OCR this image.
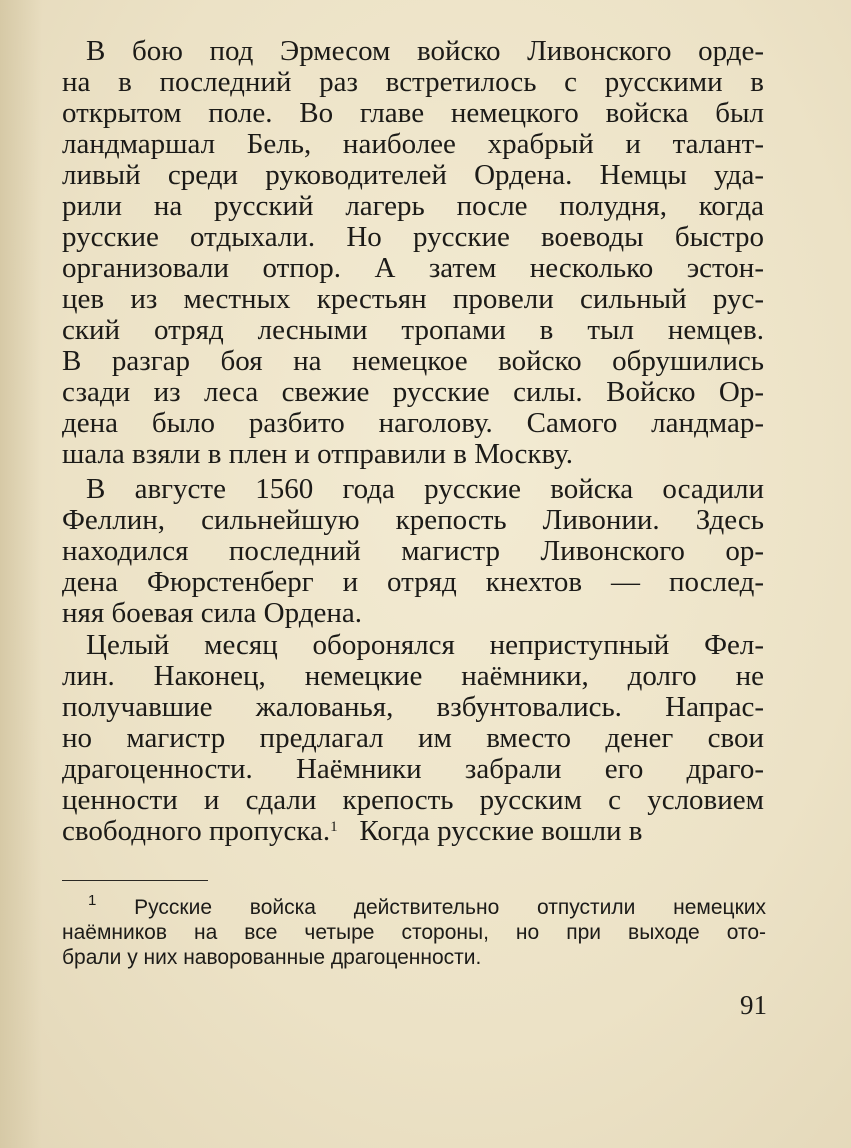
В бою под Эрмесом войско Ливонского орде-

на в последний раз встретилось с русскими в

открытом поле. Во главе немецкого войска был

ландмаршал Бель, наиболее храбрый и талант-

ливый среди руководителей Ордена. Немцы уда-

рили на русский лагерь после полудня, когда

русские отдыхали. Но русские воеводы быстро

организовали отпор. А затем несколько эстон-

цев из местных крестьян провели сильный рус-

ский отряд лесными тропами в тыл немцев.

В разгар боя на немецкое войско обрушились

сзади из леса свежие русские силы. Войско Ор-

дена было разбито наголову. Самого ландмар-

шала взяли в плен и отправили в Москву.

В августе 1560 года русские войска осадили

Феллин, сильнейшую крепость Ливонии. Здесь

находился последний магистр Ливонского ор-

дена Фюрстенберг и отряд кнехтов — послед-

няя боевая сила Ордена.

Целый месяц оборонялся неприступный Фел-

лин. Наконец, немецкие наёмники, долго не

получавшие жалованья, взбунтовались. Напрас-

но магистр предлагал им вместо денег свои

драгоценности. Наёмники забрали его драго-

ценности и сдали крепость русским с условием

свободного пропуска.$^1$ Когда русские вошли в

$^1$ Русские войска действительно отпустили немецких

наёмников на все четыре стороны, но при выходе ото-

брали у них наворованные драгоценности.

91
